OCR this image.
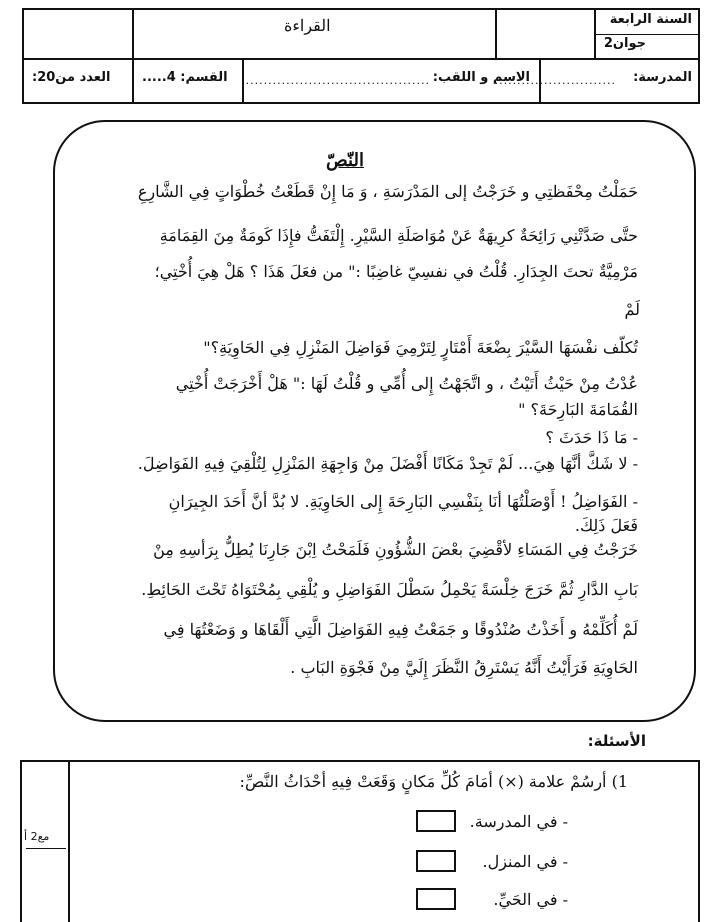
السنة الرابعة
جوان2
القراءة
المدرسة:
...........................
الاسم و اللقب:
.........................................
القسم: 4.....
العدد من20:
النّصّ
حَمَلْتُ مِحْفَظتِي و خَرَجْتُ إلى المَدْرَسَةِ ، وَ مَا إِنْ قَطَعْتُ خُطْوَاتٍ فِي الشَّارِعِ
حتَّى صَدَّتْنِي رَائِحَةٌ كرِيهَةٌ عَنْ مُوَاصَلَةِ السَّيْرِ. إِلْتَفَتُّ فإِذَا كَومَةٌ مِنَ القِمَامَةِ
مَرْمِيَّةٌ تحتَ الجِدَارِ. قُلْتُ في نفسِيّ غاضِبًا :" من فعَلَ هَذَا ؟ هَلْ هِيَ أُخْتِي؛
لَمْ
تُكلّف نفْسَهَا السَّيْرَ بِضْعَةَ أَمْتَارٍ لِتَرْمِيَ فَوَاضِلَ المَنْزِلِ فِي الحَاوِيَةِ؟"
عُدْتُ مِنْ حَيْثُ أَتَيْتُ ، و اتَّجَهْتُ إِلى أُمِّي و قُلْتُ لَهَا :" هَلْ أَخْرَجَتْ أُخْتِي
القُمَامَةَ البَارِحَةَ؟ "
- مَا ذَا حَدَثَ ؟
- لا شَكَّ أنَّهَا هِيَ... لَمْ تَجِدْ مَكَانًا أَفْضَلَ مِنْ وَاجِهَةِ المَنْزِلِ لِتُلْقِيَ فِيهِ الفَوَاضِلَ.
- الفَوَاضِلُ ! أَوْصَلْتُهَا أنَا بِنَفْسِي البَارِحَةَ إِلى الحَاوِيَةِ. لا بُدَّ أنَّ أَحَدَ الجِيرَانِ
فَعَلَ ذَلِكَ.
خَرَجْتُ فِي المَسَاءِ لأقْضِيَ بعْضَ الشُّؤُونِ فَلَمَحْتُ اِبْنَ جَارِنَا يُطِلُّ بِرَأسِهِ مِنْ
بَابِ الدَّارِ ثُمَّ خَرَجَ خِلْسَةً يَحْمِلُ سَطْلَ الفَوَاضِلِ و يُلْقِي بِمُحْتَوَاهُ تَحْتَ الحَائِطِ.
لَمْ أُكَلِّمْهُ و أَخَذْتُ صُنْدُوقًا و جَمَعْتُ فِيهِ الفَوَاضِلَ الَّتِي أَلْقَاهَا و وَضَعْتُهَا فِي
الحَاوِيَةِ فَرَأَيْتُ أَنَّهُ يَسْتَرِقُ النَّظَرَ إِلَيَّ مِنْ فَجْوَةِ البَابِ .
الأسئلة:
مع2 أ
1) أرسُمْ علامة (×) أمَامَ كُلِّ مَكانٍ وَقَعَتْ فِيهِ أحْدَاثُ النَّصِّ:
- في المدرسة.
- في المنزل.
- في الحَيِّ.
